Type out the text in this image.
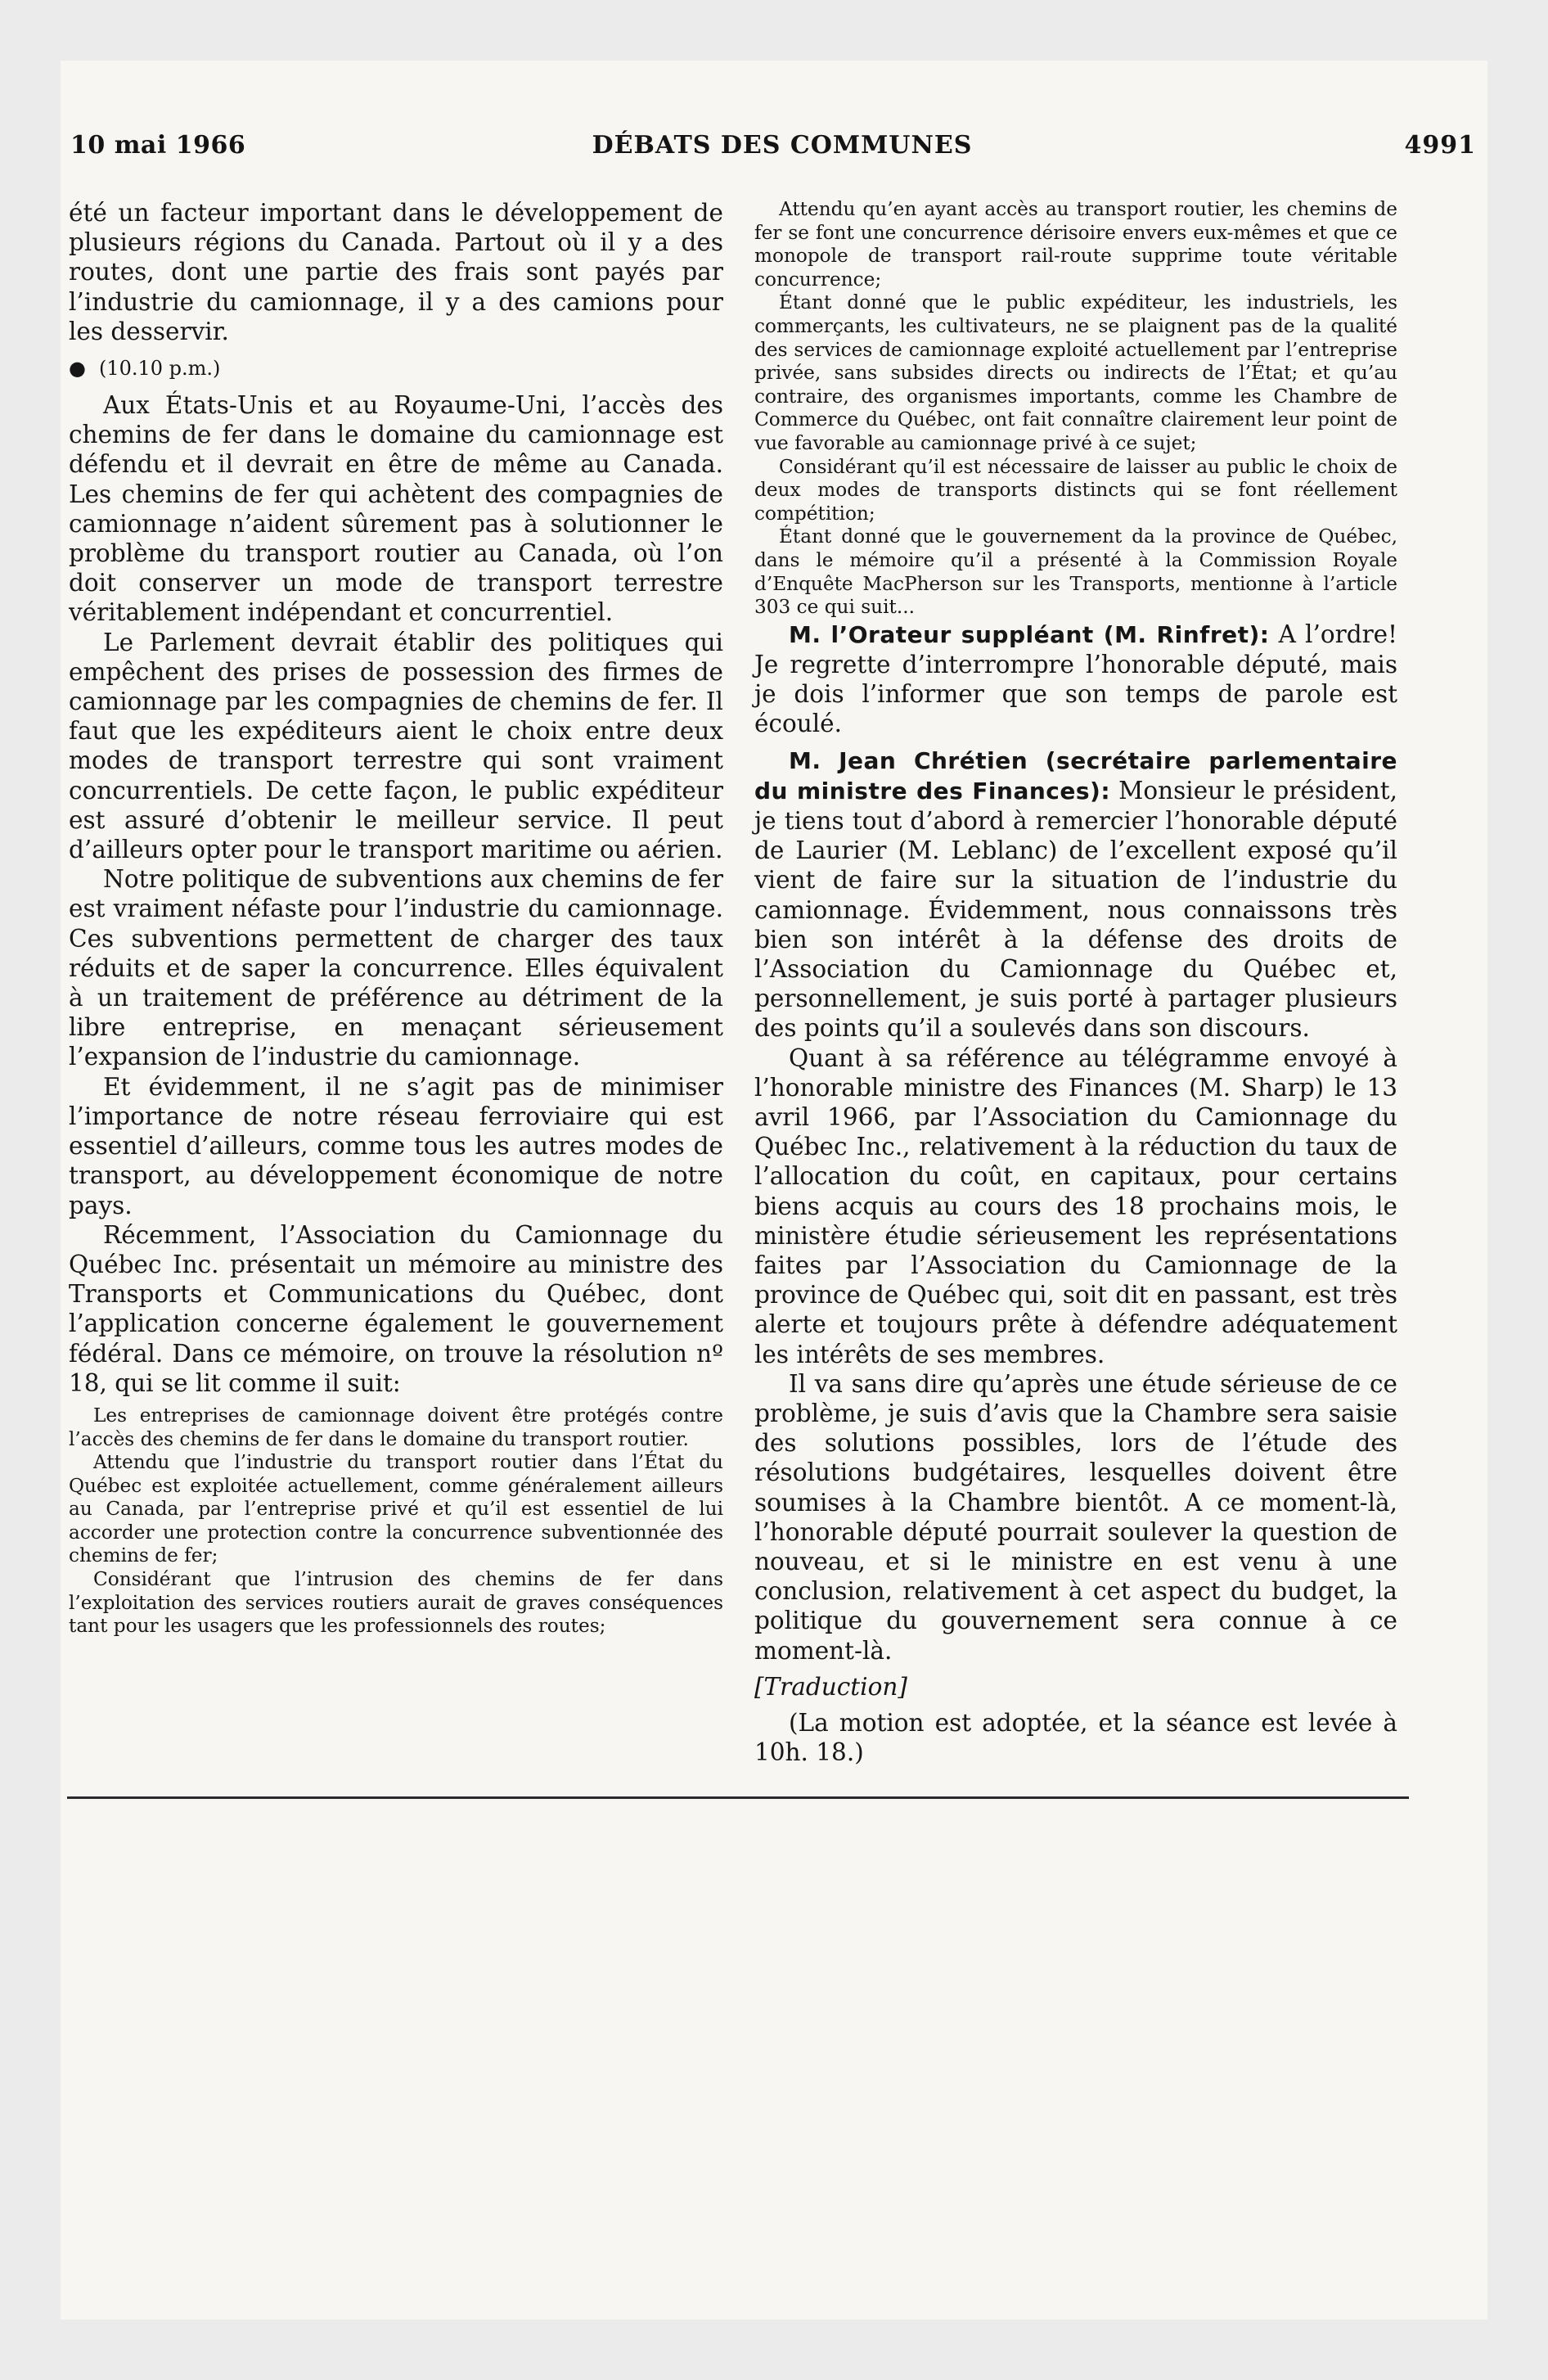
10 mai 1966	DÉBATS DES COMMUNES	4991

été un facteur important dans le développement de plusieurs régions du Canada. Partout où il y a des routes, dont une partie des frais sont payés par l’industrie du camionnage, il y a des camions pour les desservir.

● (10.10 p.m.)

Aux États-Unis et au Royaume-Uni, l’accès des chemins de fer dans le domaine du camionnage est défendu et il devrait en être de même au Canada. Les chemins de fer qui achètent des compagnies de camionnage n’aident sûrement pas à solutionner le problème du transport routier au Canada, où l’on doit conserver un mode de transport terrestre véritablement indépendant et concurrentiel.

Le Parlement devrait établir des politiques qui empêchent des prises de possession des firmes de camionnage par les compagnies de chemins de fer. Il faut que les expéditeurs aient le choix entre deux modes de transport terrestre qui sont vraiment concurrentiels. De cette façon, le public expéditeur est assuré d’obtenir le meilleur service. Il peut d’ailleurs opter pour le transport maritime ou aérien.

Notre politique de subventions aux chemins de fer est vraiment néfaste pour l’industrie du camionnage. Ces subventions permettent de charger des taux réduits et de saper la concurrence. Elles équivalent à un traitement de préférence au détriment de la libre entreprise, en menaçant sérieusement l’expansion de l’industrie du camionnage.

Et évidemment, il ne s’agit pas de minimiser l’importance de notre réseau ferroviaire qui est essentiel d’ailleurs, comme tous les autres modes de transport, au développement économique de notre pays.

Récemment, l’Association du Camionnage du Québec Inc. présentait un mémoire au ministre des Transports et Communications du Québec, dont l’application concerne également le gouvernement fédéral. Dans ce mémoire, on trouve la résolution nº 18, qui se lit comme il suit:

Les entreprises de camionnage doivent être protégés contre l’accès des chemins de fer dans le domaine du transport routier.

Attendu que l’industrie du transport routier dans l’État du Québec est exploitée actuellement, comme généralement ailleurs au Canada, par l’entreprise privé et qu’il est essentiel de lui accorder une protection contre la concurrence subventionnée des chemins de fer;

Considérant que l’intrusion des chemins de fer dans l’exploitation des services routiers aurait de graves conséquences tant pour les usagers que les professionnels des routes;

Attendu qu’en ayant accès au transport routier, les chemins de fer se font une concurrence dérisoire envers eux-mêmes et que ce monopole de transport rail-route supprime toute véritable concurrence;

Étant donné que le public expéditeur, les industriels, les commerçants, les cultivateurs, ne se plaignent pas de la qualité des services de camionnage exploité actuellement par l’entreprise privée, sans subsides directs ou indirects de l’État; et qu’au contraire, des organismes importants, comme les Chambre de Commerce du Québec, ont fait connaître clairement leur point de vue favorable au camionnage privé à ce sujet;

Considérant qu’il est nécessaire de laisser au public le choix de deux modes de transports distincts qui se font réellement compétition;

Étant donné que le gouvernement da la province de Québec, dans le mémoire qu’il a présenté à la Commission Royale d’Enquête MacPherson sur les Transports, mentionne à l’article 303 ce qui suit...

M. l’Orateur suppléant (M. Rinfret): A l’ordre! Je regrette d’interrompre l’honorable député, mais je dois l’informer que son temps de parole est écoulé.

M. Jean Chrétien (secrétaire parlementaire du ministre des Finances): Monsieur le président, je tiens tout d’abord à remercier l’honorable député de Laurier (M. Leblanc) de l’excellent exposé qu’il vient de faire sur la situation de l’industrie du camionnage. Évidemment, nous connaissons très bien son intérêt à la défense des droits de l’Association du Camionnage du Québec et, personnellement, je suis porté à partager plusieurs des points qu’il a soulevés dans son discours.

Quant à sa référence au télégramme envoyé à l’honorable ministre des Finances (M. Sharp) le 13 avril 1966, par l’Association du Camionnage du Québec Inc., relativement à la réduction du taux de l’allocation du coût, en capitaux, pour certains biens acquis au cours des 18 prochains mois, le ministère étudie sérieusement les représentations faites par l’Association du Camionnage de la province de Québec qui, soit dit en passant, est très alerte et toujours prête à défendre adéquatement les intérêts de ses membres.

Il va sans dire qu’après une étude sérieuse de ce problème, je suis d’avis que la Chambre sera saisie des solutions possibles, lors de l’étude des résolutions budgétaires, lesquelles doivent être soumises à la Chambre bientôt. A ce moment-là, l’honorable député pourrait soulever la question de nouveau, et si le ministre en est venu à une conclusion, relativement à cet aspect du budget, la politique du gouvernement sera connue à ce moment-là.

[Traduction]

(La motion est adoptée, et la séance est levée à 10h. 18.)
